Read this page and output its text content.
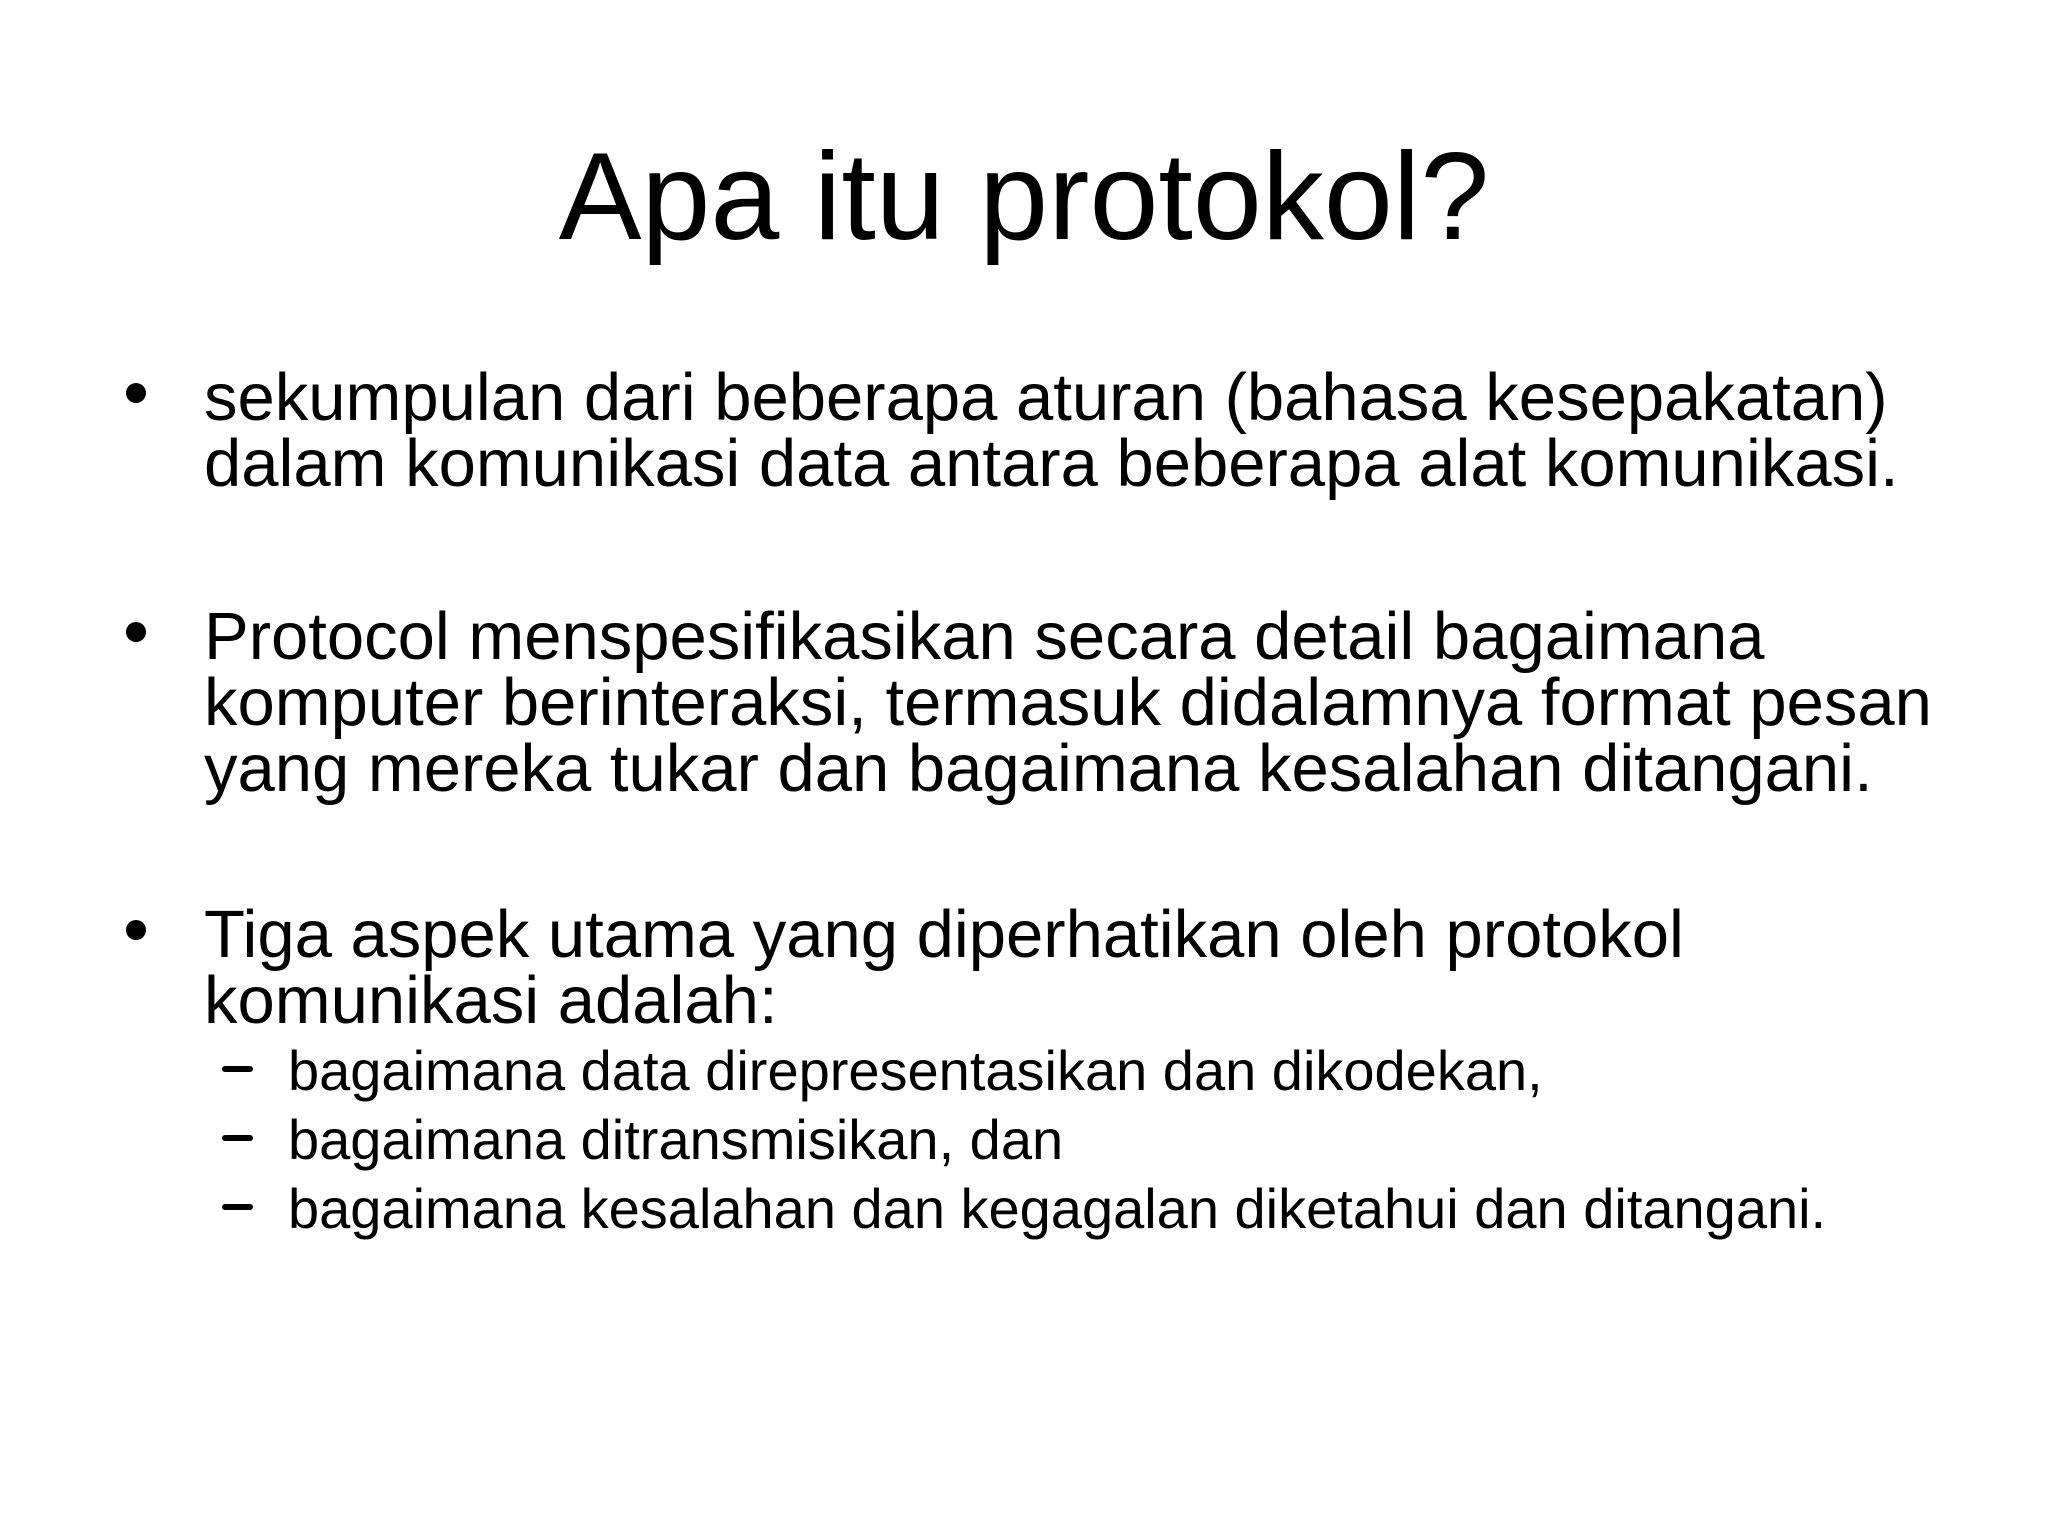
Apa itu protokol?
sekumpulan dari beberapa aturan (bahasa kesepakatan)
dalam komunikasi data antara beberapa alat komunikasi.
Protocol menspesifikasikan secara detail bagaimana
komputer berinteraksi, termasuk didalamnya format pesan
yang mereka tukar dan bagaimana kesalahan ditangani.
Tiga aspek utama yang diperhatikan oleh protokol
komunikasi adalah:
bagaimana data direpresentasikan dan dikodekan,
bagaimana ditransmisikan, dan
bagaimana kesalahan dan kegagalan diketahui dan ditangani.
